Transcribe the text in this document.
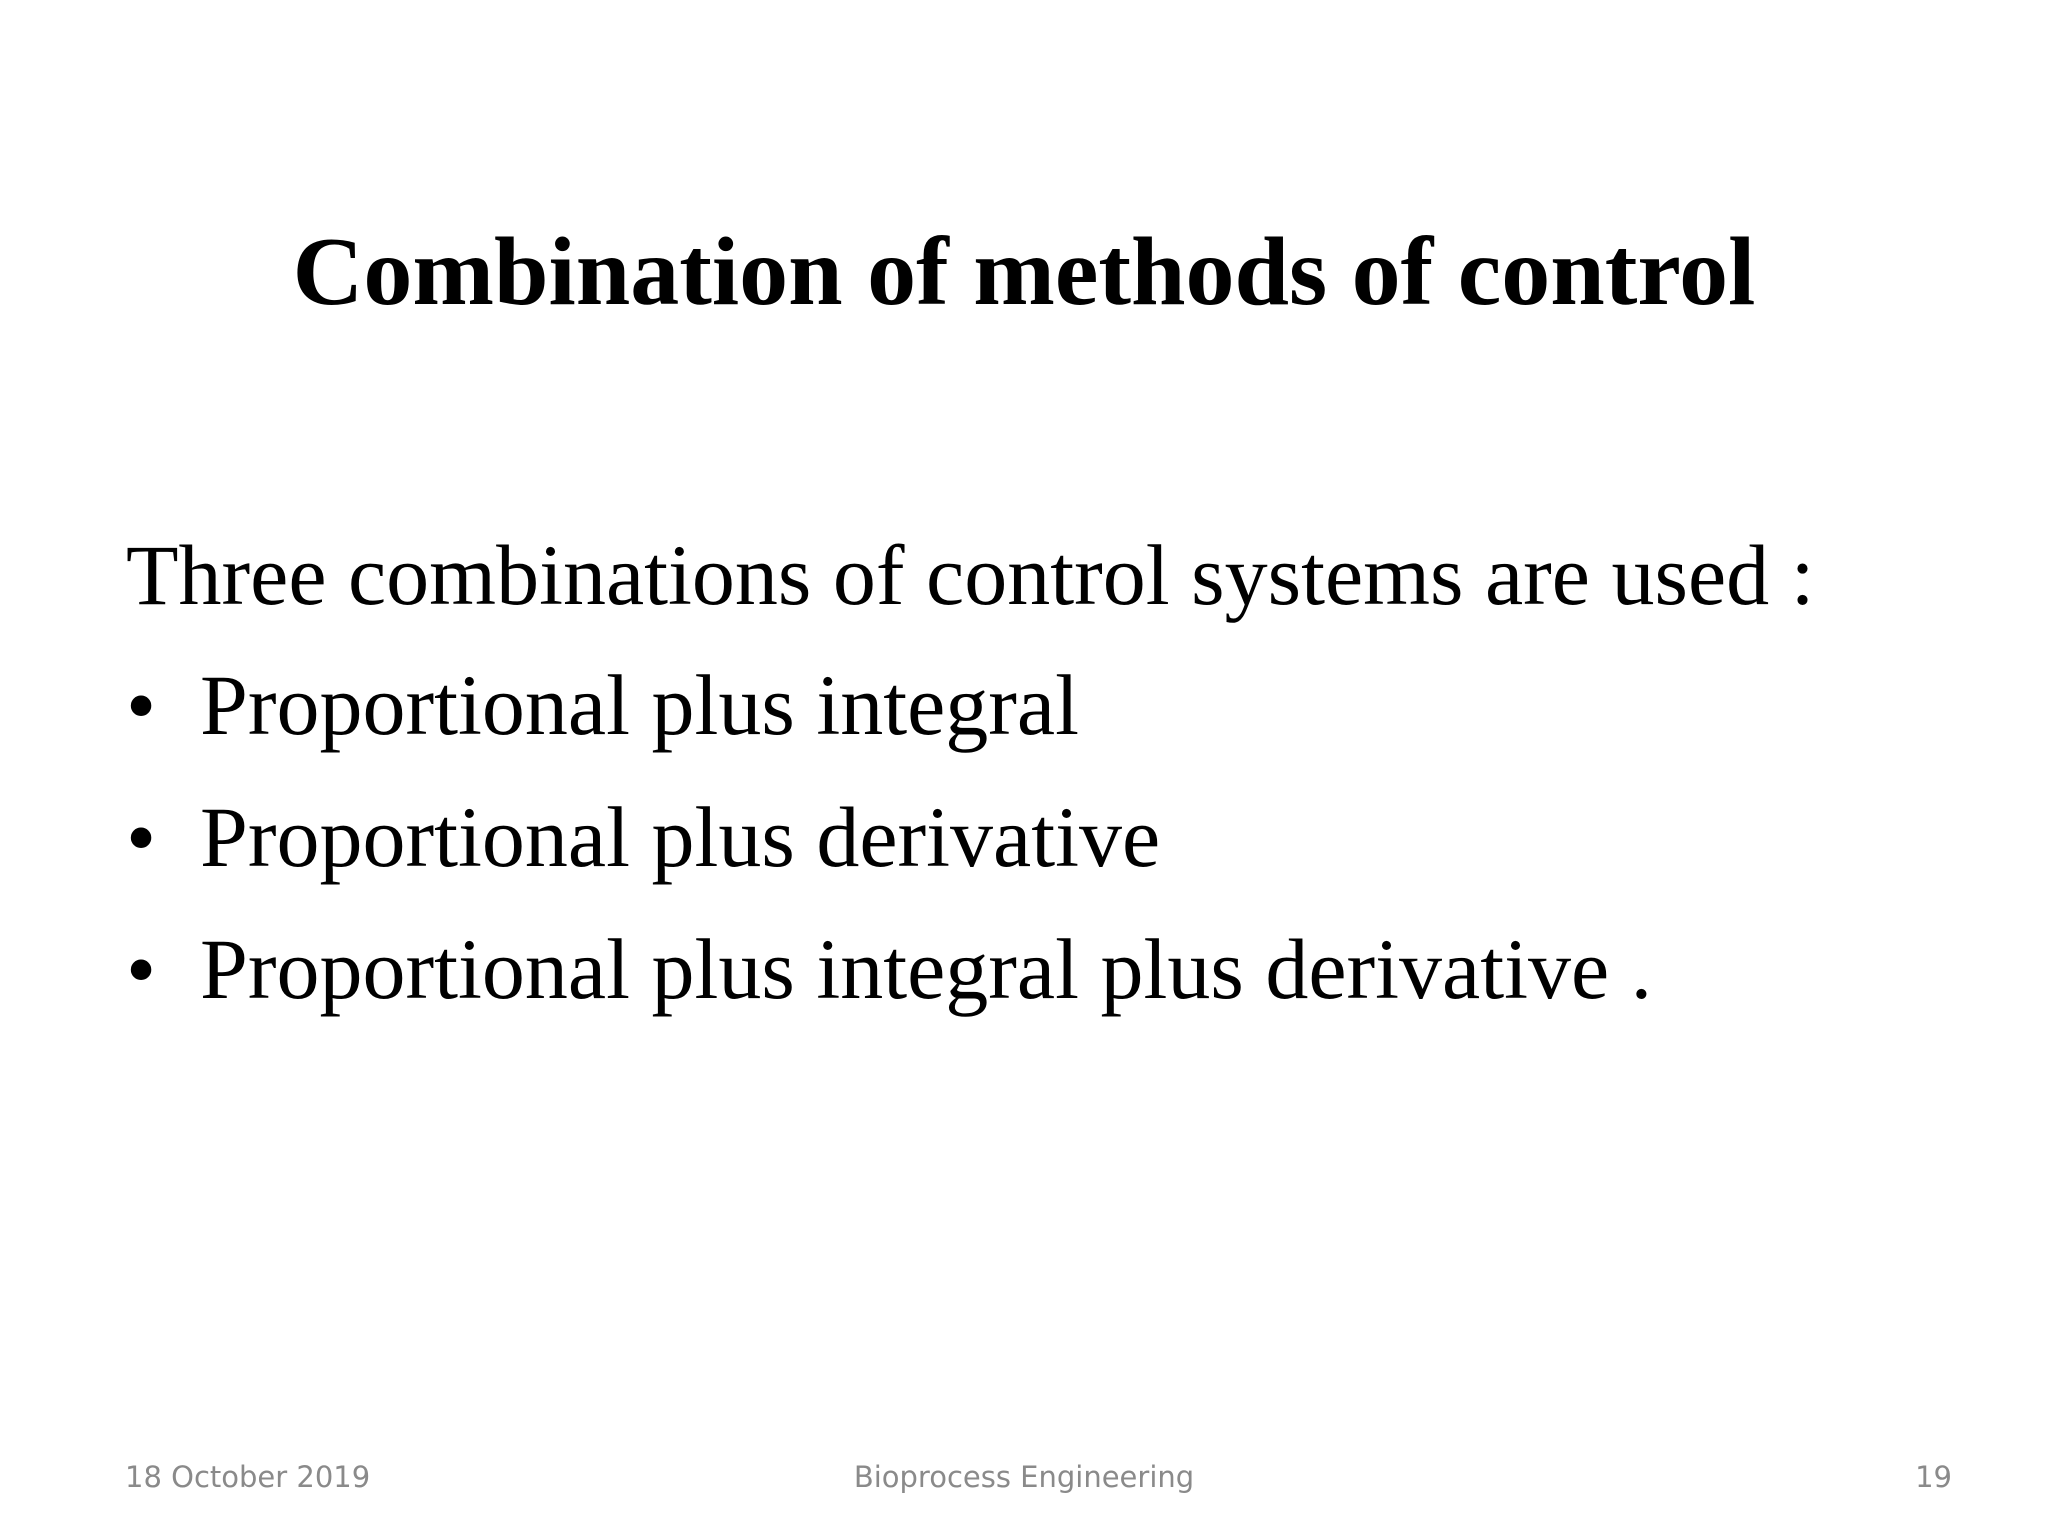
Combination of methods of control
Three combinations of control systems are used :
• Proportional plus integral
• Proportional plus derivative
• Proportional plus integral plus derivative .
18 October 2019	Bioprocess Engineering	19
